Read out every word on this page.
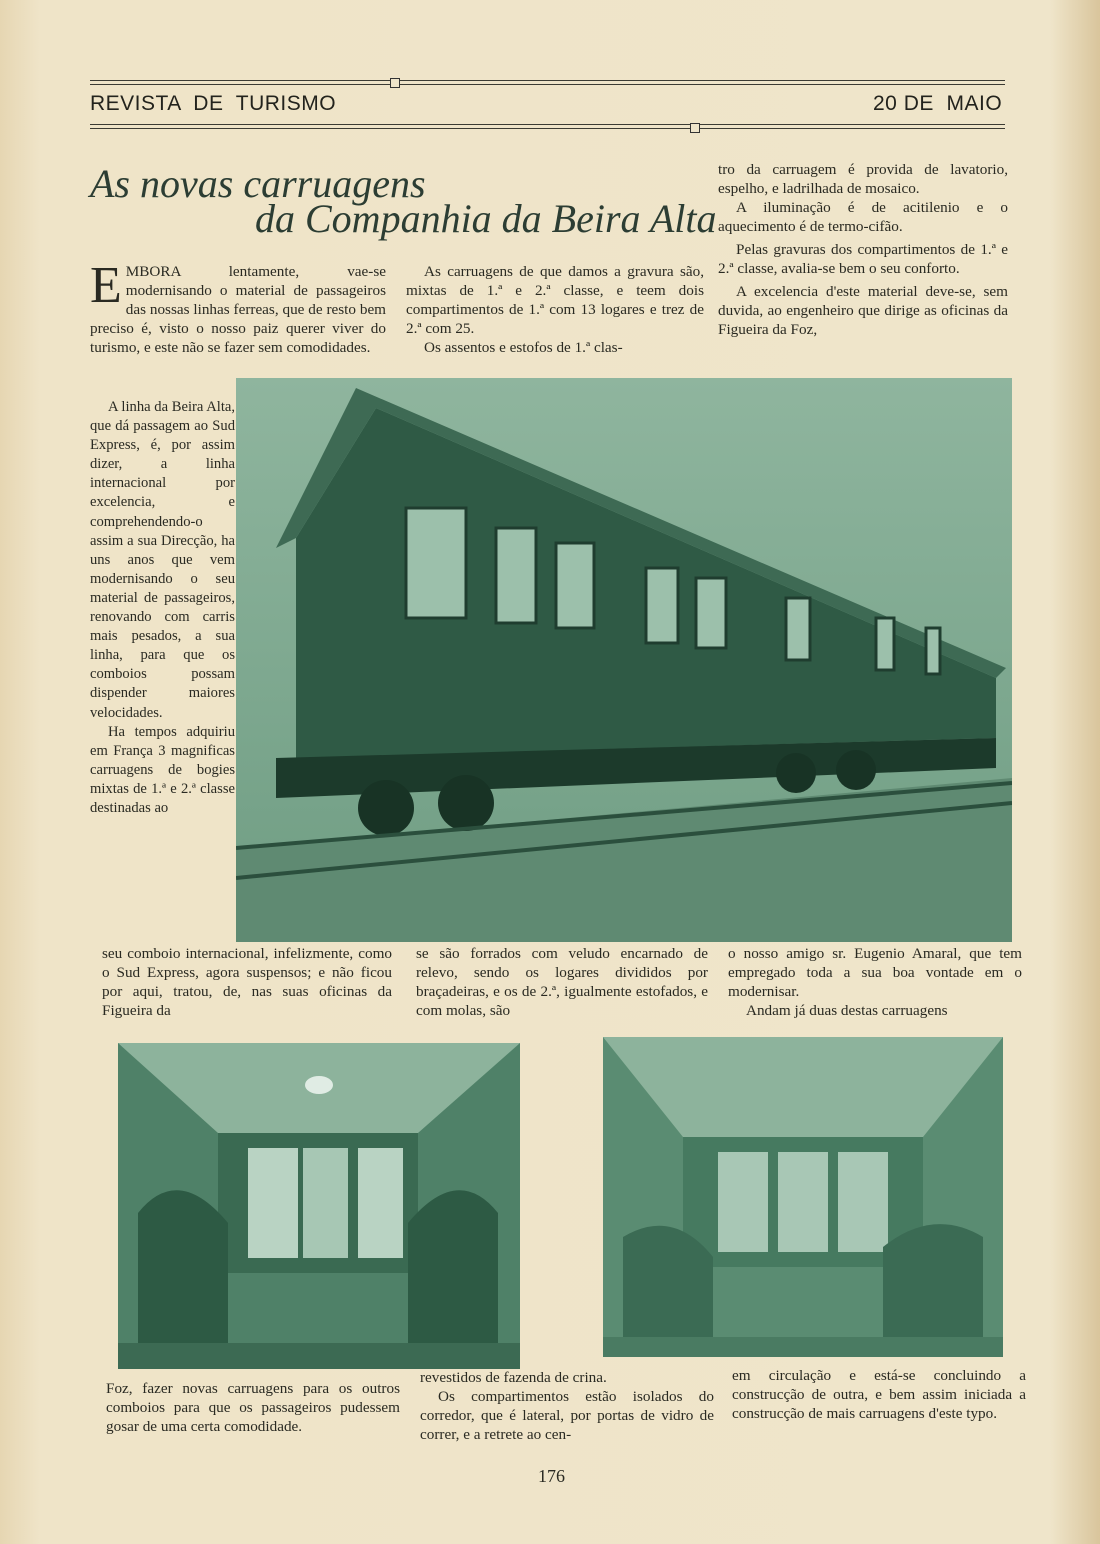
REVISTA  DE  TURISMO	20 DE  MAIO
As novas carruagens
da Companhia da Beira Alta

EMBORA lentamente, vae-se modernisando o material de passageiros das nossas linhas ferreas, que de resto bem preciso é, visto o nosso paiz querer viver do turismo, e este não se fazer sem comodidades.

A linha da Beira Alta, que dá passagem ao Sud Express, é, por assim dizer, a linha internacional por excelencia, e comprehendendo-o assim a sua Direcção, ha uns anos que vem modernisando o seu material de passageiros, renovando com carris mais pesados, a sua linha, para que os comboios possam dispender maiores velocidades.

Ha tempos adquiriu em França 3 magnificas carruagens de bogies mixtas de 1.ª e 2.ª classe destinadas ao

As carruagens de que damos a gravura são, mixtas de 1.ª e 2.ª classe, e teem dois compartimentos de 1.ª com 13 logares e trez de 2.ª com 25.

Os assentos e estofos de 1.ª clas-

tro da carruagem é provida de lavatorio, espelho, e ladrilhada de mosaico.

A iluminação é de acitilenio e o aquecimento é de termo-cifão.

Pelas gravuras dos compartimentos de 1.ª e 2.ª classe, avalia-se bem o seu conforto.

A excelencia d'este material deve-se, sem duvida, ao engenheiro que dirige as oficinas da Figueira da Foz,

seu comboio internacional, infelizmente, como o Sud Express, agora suspensos; e não ficou por aqui, tratou, de, nas suas oficinas da Figueira da

se são forrados com veludo encarnado de relevo, sendo os logares divididos por braçadeiras, e os de 2.ª, igualmente estofados, e com molas, são

o nosso amigo sr. Eugenio Amaral, que tem empregado toda a sua boa vontade em o modernisar.

Andam já duas destas carruagens

Foz, fazer novas carruagens para os outros comboios para que os passageiros pudessem gosar de uma certa comodidade.

revestidos de fazenda de crina.

Os compartimentos estão isolados do corredor, que é lateral, por portas de vidro de correr, e a retrete ao cen-

em circulação e está-se concluindo a construcção de outra, e bem assim iniciada a construcção de mais carruagens d'este typo.

176
